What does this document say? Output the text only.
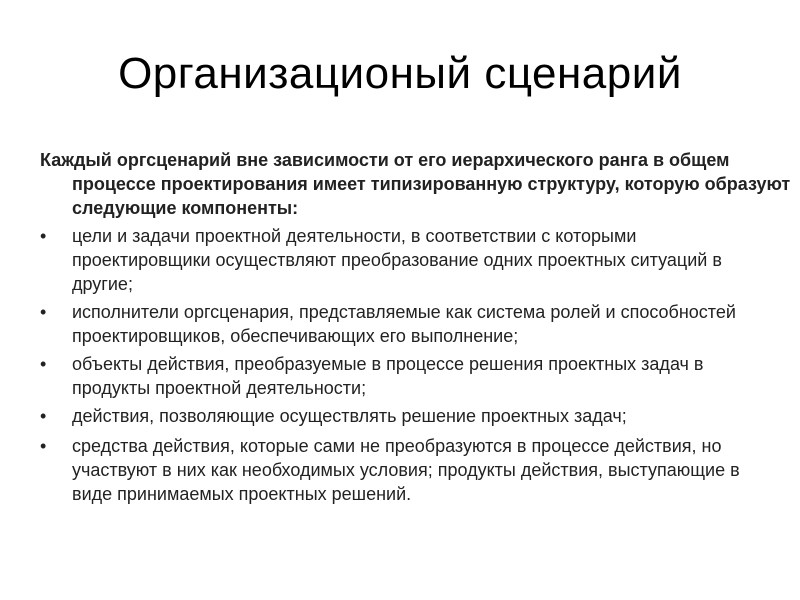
Организационый сценарий

Каждый оргсценарий вне зависимости от его иерархического ранга в общем процессе проектирования имеет типизированную структуру, которую образуют следующие компоненты:

•	цели и задачи проектной деятельности, в соответствии с которыми проектировщики осуществляют преобразование одних проектных ситуаций в другие;
•	исполнители оргсценария, представляемые как система ролей и способностей проектировщиков, обеспечивающих его выполнение;
•	объекты действия, преобразуемые в процессе решения проектных задач в продукты проектной деятельности;
•	действия, позволяющие осуществлять решение проектных задач;
•	средства действия, которые сами не преобразуются в процессе действия, но участвуют в них как необходимых условия; продукты действия, выступающие в виде принимаемых проектных решений.
